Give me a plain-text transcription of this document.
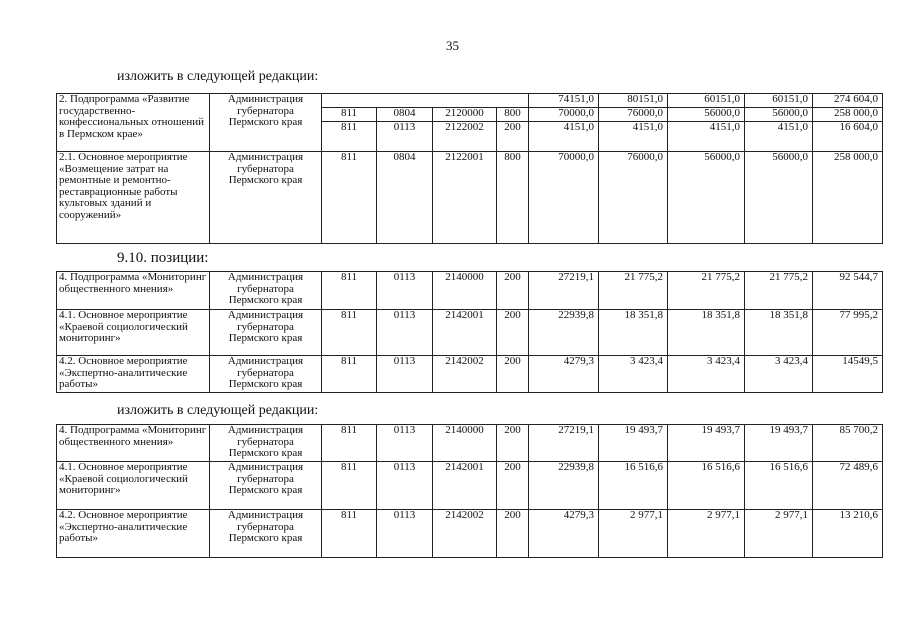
35
изложить в следующей редакции:
9.10. позиции:
изложить в следующей редакции:
2. Подпрограмма «Развитие государственно-конфессиональных отношений в Пермском крае»	Администрация губернатора Пермского края					74151,0	80151,0	60151,0	60151,0	274 604,0
		811	0804	2120000	800	70000,0	76000,0	56000,0	56000,0	258 000,0
		811	0113	2122002	200	4151,0	4151,0	4151,0	4151,0	16 604,0
2.1. Основное мероприятие «Возмещение затрат на ремонтные и ремонтно-реставрационные работы культовых зданий и сооружений»	Администрация губернатора Пермского края	811	0804	2122001	800	70000,0	76000,0	56000,0	56000,0	258 000,0
4. Подпрограмма «Мониторинг общественного мнения»	Администрация губернатора Пермского края	811	0113	2140000	200	27219,1	21 775,2	21 775,2	21 775,2	92 544,7
4.1. Основное мероприятие «Краевой социологический мониторинг»	Администрация губернатора Пермского края	811	0113	2142001	200	22939,8	18 351,8	18 351,8	18 351,8	77 995,2
4.2. Основное мероприятие «Экспертно-аналитические работы»	Администрация губернатора Пермского края	811	0113	2142002	200	4279,3	3 423,4	3 423,4	3 423,4	14549,5
4. Подпрограмма «Мониторинг общественного мнения»	Администрация губернатора Пермского края	811	0113	2140000	200	27219,1	19 493,7	19 493,7	19 493,7	85 700,2
4.1. Основное мероприятие «Краевой социологический мониторинг»	Администрация губернатора Пермского края	811	0113	2142001	200	22939,8	16 516,6	16 516,6	16 516,6	72 489,6
4.2. Основное мероприятие «Экспертно-аналитические работы»	Администрация губернатора Пермского края	811	0113	2142002	200	4279,3	2 977,1	2 977,1	2 977,1	13 210,6
